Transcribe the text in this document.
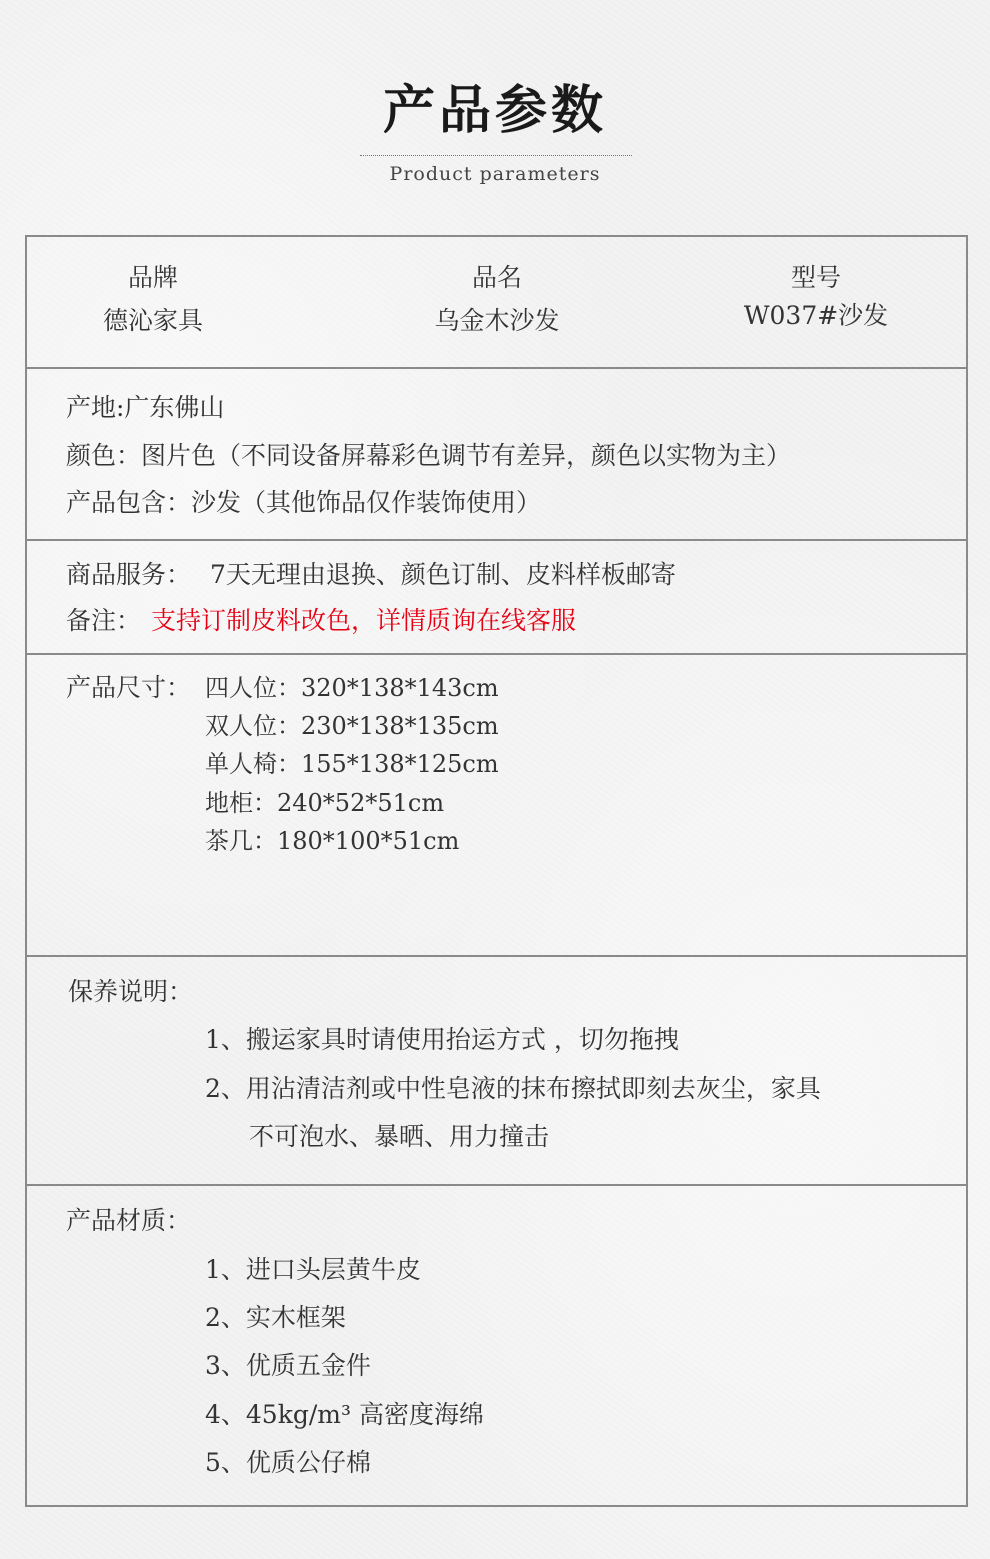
产品参数
Product parameters
品牌
德沁家具
品名
乌金木沙发
型号
W037#沙发
产地:广东佛山
颜色：图片色（不同设备屏幕彩色调节有差异，颜色以实物为主）
产品包含：沙发（其他饰品仅作装饰使用）
商品服务： 7天无理由退换、颜色订制、皮料样板邮寄
备注： 支持订制皮料改色，详情质询在线客服
产品尺寸： 四人位：320*138*143cm
双人位：230*138*135cm
单人椅：155*138*125cm
地柜：240*52*51cm
茶几：180*100*51cm
保养说明：
1、搬运家具时请使用抬运方式 ，切勿拖拽
2、用沾清洁剂或中性皂液的抹布擦拭即刻去灰尘，家具
不可泡水、暴晒、用力撞击
产品材质：
1、进口头层黄牛皮
2、实木框架
3、优质五金件
4、45kg/m³ 高密度海绵
5、优质公仔棉
